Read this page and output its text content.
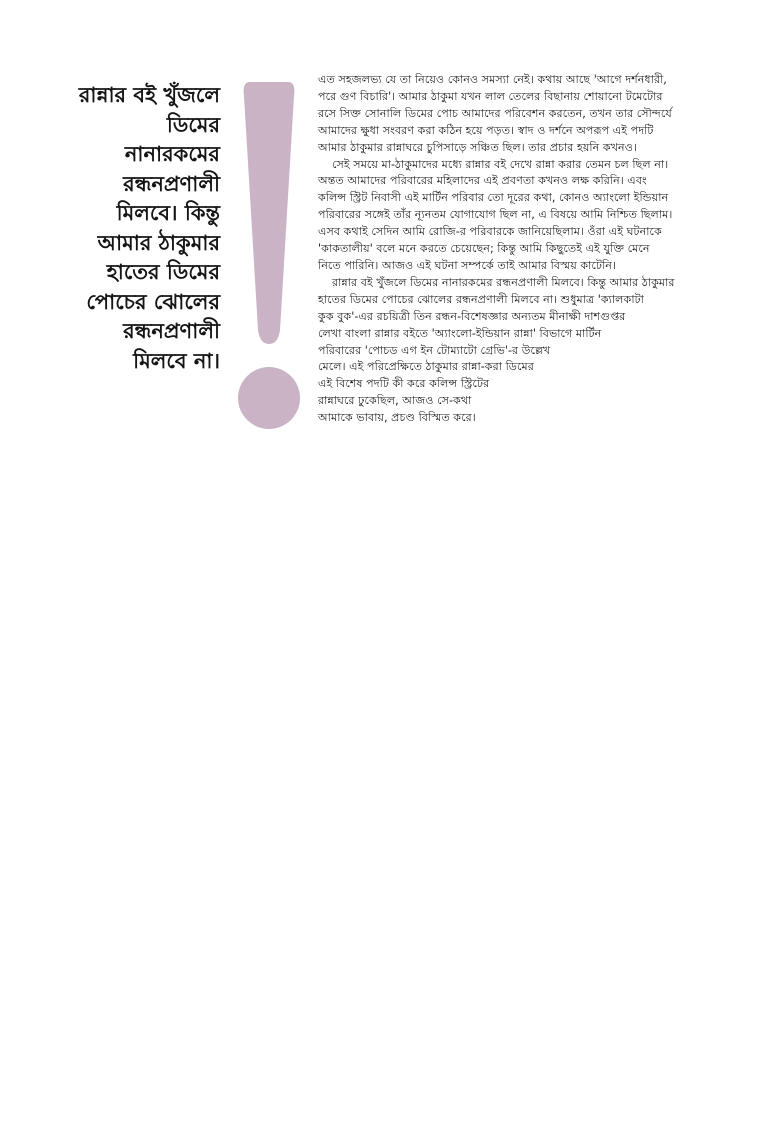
রান্নার বই খুঁজলে
ডিমের
নানারকমের
রন্ধনপ্রণালী
মিলবে। কিন্তু
আমার ঠাকুমার
হাতের ডিমের
পোচের ঝোলের
রন্ধনপ্রণালী
মিলবে না।
এত সহজলভ্য যে তা নিয়েও কোনও সমস্যা নেই। কথায় আছে 'আগে দর্শনধারী,
পরে গুণ বিচারি'। আমার ঠাকুমা যখন লাল তেলের বিছানায় শোয়ানো টমেটোর
রসে সিক্ত সোনালি ডিমের পোচ আমাদের পরিবেশন করতেন, তখন তার সৌন্দর্যে
আমাদের ক্ষুধা সংবরণ করা কঠিন হয়ে পড়ত। স্বাদ ও দর্শনে অপরূপ এই পদটি
আমার ঠাকুমার রান্নাঘরে চুপিসাড়ে সঞ্চিত ছিল। তার প্রচার হয়নি কখনও।
সেই সময়ে মা-ঠাকুমাদের মধ্যে রান্নার বই দেখে রান্না করার তেমন চল ছিল না।
অন্তত আমাদের পরিবারের মহিলাদের এই প্রবণতা কখনও লক্ষ করিনি। এবং
কলিন্স স্ট্রিট নিবাসী এই মার্টিন পরিবার তো দূরের কথা, কোনও অ্যাংলো ইন্ডিয়ান
পরিবারের সঙ্গেই তাঁর ন্যূনতম যোগাযোগ ছিল না, এ বিষয়ে আমি নিশ্চিত ছিলাম।
এসব কথাই সেদিন আমি রোজি-র পরিবারকে জানিয়েছিলাম। ওঁরা এই ঘটনাকে
'কাকতালীয়' বলে মনে করতে চেয়েছেন; কিন্তু আমি কিছুতেই এই যুক্তি মেনে
নিতে পারিনি। আজও এই ঘটনা সম্পর্কে তাই আমার বিস্ময় কাটেনি।
রান্নার বই খুঁজলে ডিমের নানারকমের রন্ধনপ্রণালী মিলবে। কিন্তু আমার ঠাকুমার
হাতের ডিমের পোচের ঝোলের রন্ধনপ্রণালী মিলবে না। শুধুমাত্র 'ক্যালকাটা
কুক বুক'-এর রচয়িত্রী তিন রন্ধন-বিশেষজ্ঞার অন্যতম মীনাক্ষী দাশগুপ্তর
লেখা বাংলা রান্নার বইতে 'অ্যাংলো-ইন্ডিয়ান রান্না' বিভাগে মার্টিন
পরিবারের 'পোচড এগ ইন টোম্যাটো গ্রেভি'-র উল্লেখ
মেলে। এই পরিপ্রেক্ষিতে ঠাকুমার রান্না-করা ডিমের
এই বিশেষ পদটি কী করে কলিন্স স্ট্রিটের
রান্নাঘরে ঢুকেছিল, আজও সে-কথা
আমাকে ভাবায়, প্রচণ্ড বিস্মিত করে।
রোববার ৩১
